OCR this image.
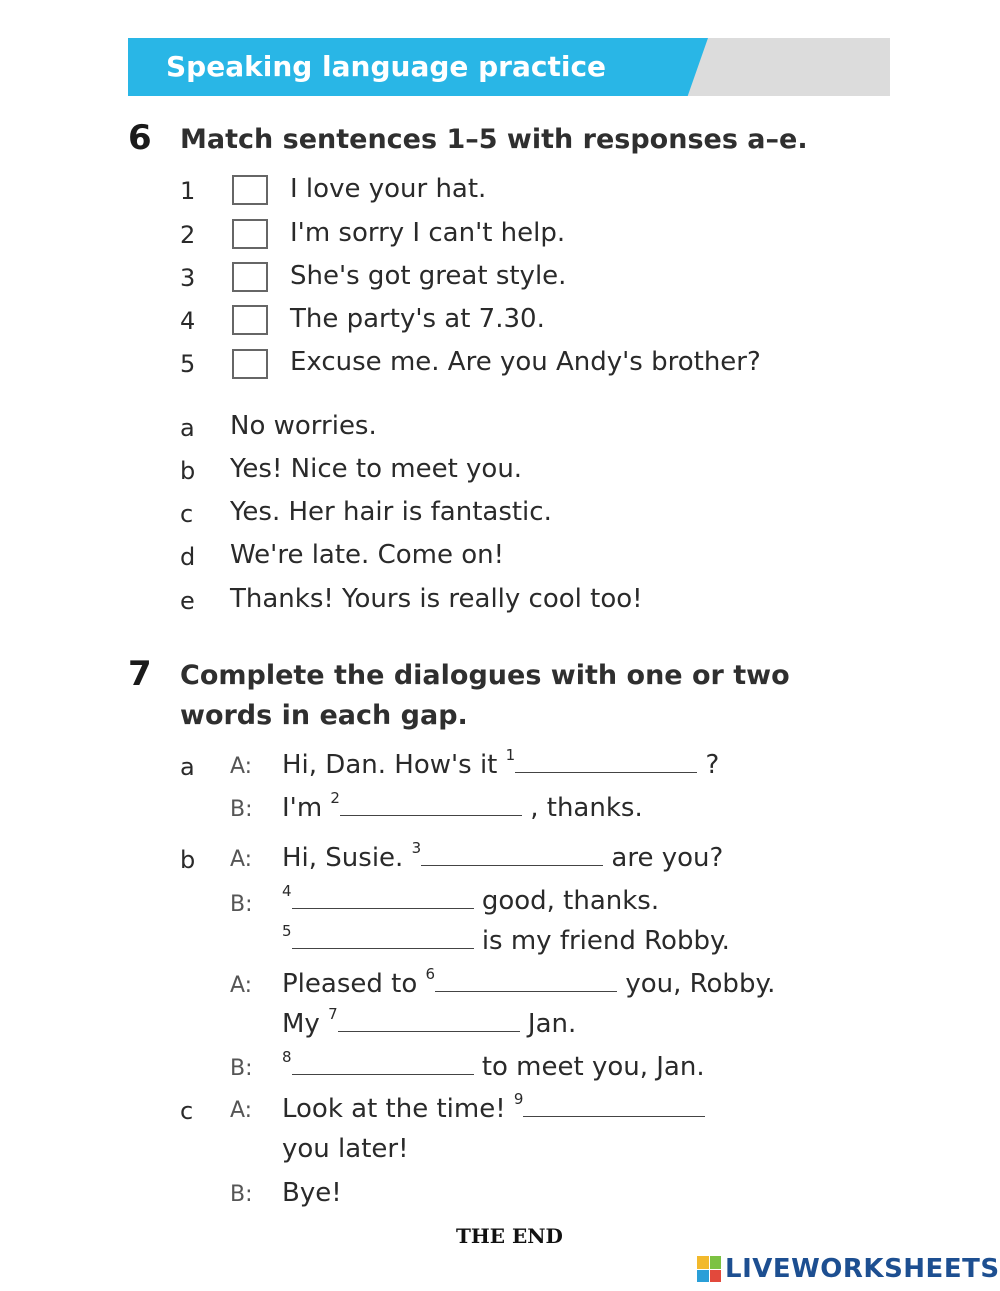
Speaking language practice
6 Match sentences 1–5 with responses a–e.
1	I love your hat.
2	I'm sorry I can't help.
3	She's got great style.
4	The party's at 7.30.
5	Excuse me. Are you Andy's brother?
a No worries.
b Yes! Nice to meet you.
c Yes. Her hair is fantastic.
d We're late. Come on!
e Thanks! Yours is really cool too!
7 Complete the dialogues with one or two
words in each gap.
a A: Hi, Dan. How's it $^1$	?
B: I'm $^2$	, thanks.
b A: Hi, Susie. $^3$	are you?
B:
$^4$	good, thanks.
$^5$	is my friend Robby.
A: Pleased to $^6$	you, Robby.
My $^7$	Jan.
B: $^8$	to meet you, Jan.
c A: Look at the time! $^9$
you later!
B: Bye!
THE END
LIVEWORKSHEETS
